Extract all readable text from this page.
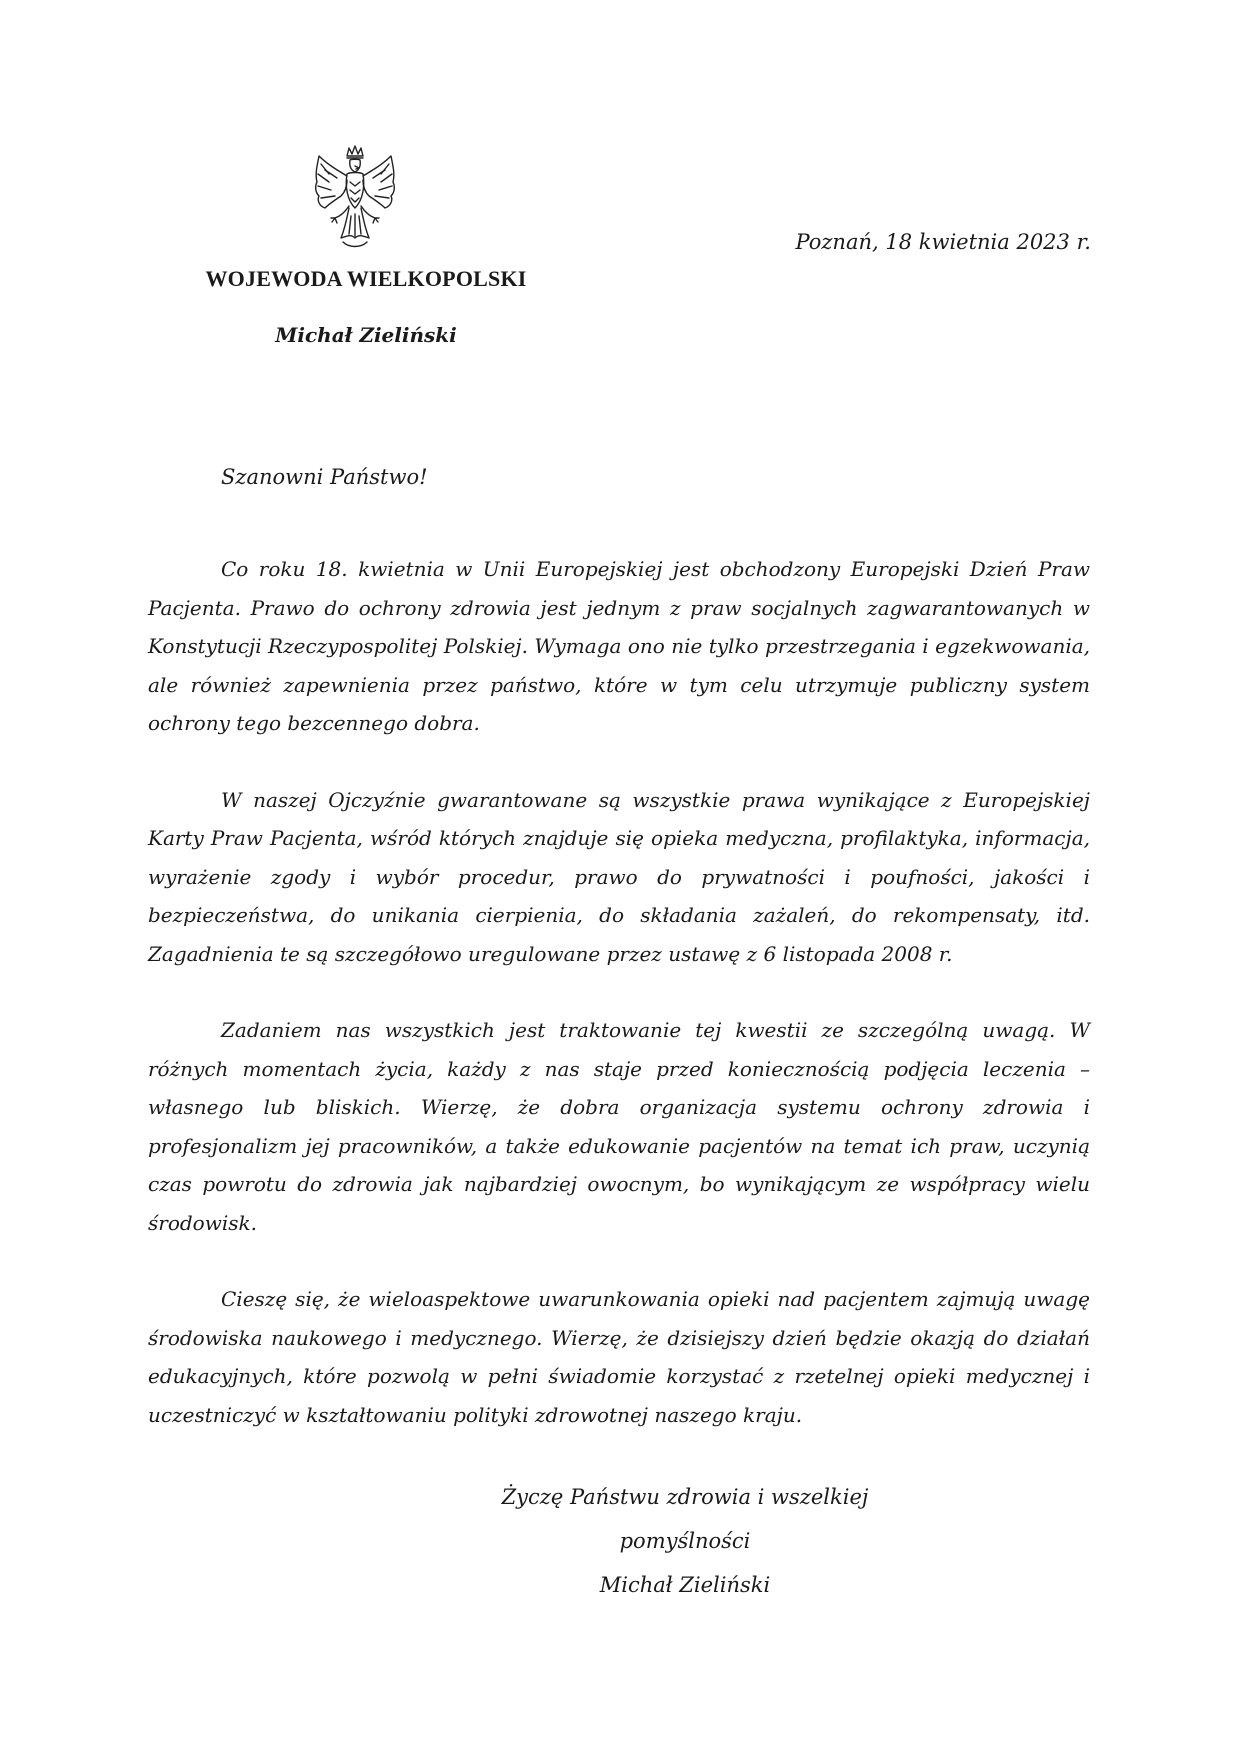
WOJEWODA WIELKOPOLSKI
Michał Zieliński
Poznań, 18 kwietnia 2023 r.
Szanowni Państwo!

Co roku 18. kwietnia w Unii Europejskiej jest obchodzony Europejski Dzień Praw Pacjenta. Prawo do ochrony zdrowia jest jednym z praw socjalnych zagwarantowanych w Konstytucji Rzeczypospolitej Polskiej. Wymaga ono nie tylko przestrzegania i egzekwowania, ale również zapewnienia przez państwo, które w tym celu utrzymuje publiczny system ochrony tego bezcennego dobra.

W naszej Ojczyźnie gwarantowane są wszystkie prawa wynikające z Europejskiej Karty Praw Pacjenta, wśród których znajduje się opieka medyczna, profilaktyka, informacja, wyrażenie zgody i wybór procedur, prawo do prywatności i poufności, jakości i bezpieczeństwa, do unikania cierpienia, do składania zażaleń, do rekompensaty, itd. Zagadnienia te są szczegółowo uregulowane przez ustawę z 6 listopada 2008 r.

Zadaniem nas wszystkich jest traktowanie tej kwestii ze szczególną uwagą. W różnych momentach życia, każdy z nas staje przed koniecznością podjęcia leczenia – własnego lub bliskich. Wierzę, że dobra organizacja systemu ochrony zdrowia i profesjonalizm jej pracowników, a także edukowanie pacjentów na temat ich praw, uczynią czas powrotu do zdrowia jak najbardziej owocnym, bo wynikającym ze współpracy wielu środowisk.

Cieszę się, że wieloaspektowe uwarunkowania opieki nad pacjentem zajmują uwagę środowiska naukowego i medycznego. Wierzę, że dzisiejszy dzień będzie okazją do działań edukacyjnych, które pozwolą w pełni świadomie korzystać z rzetelnej opieki medycznej i uczestniczyć w kształtowaniu polityki zdrowotnej naszego kraju.

Życzę Państwu zdrowia i wszelkiej pomyślności
Michał Zieliński
